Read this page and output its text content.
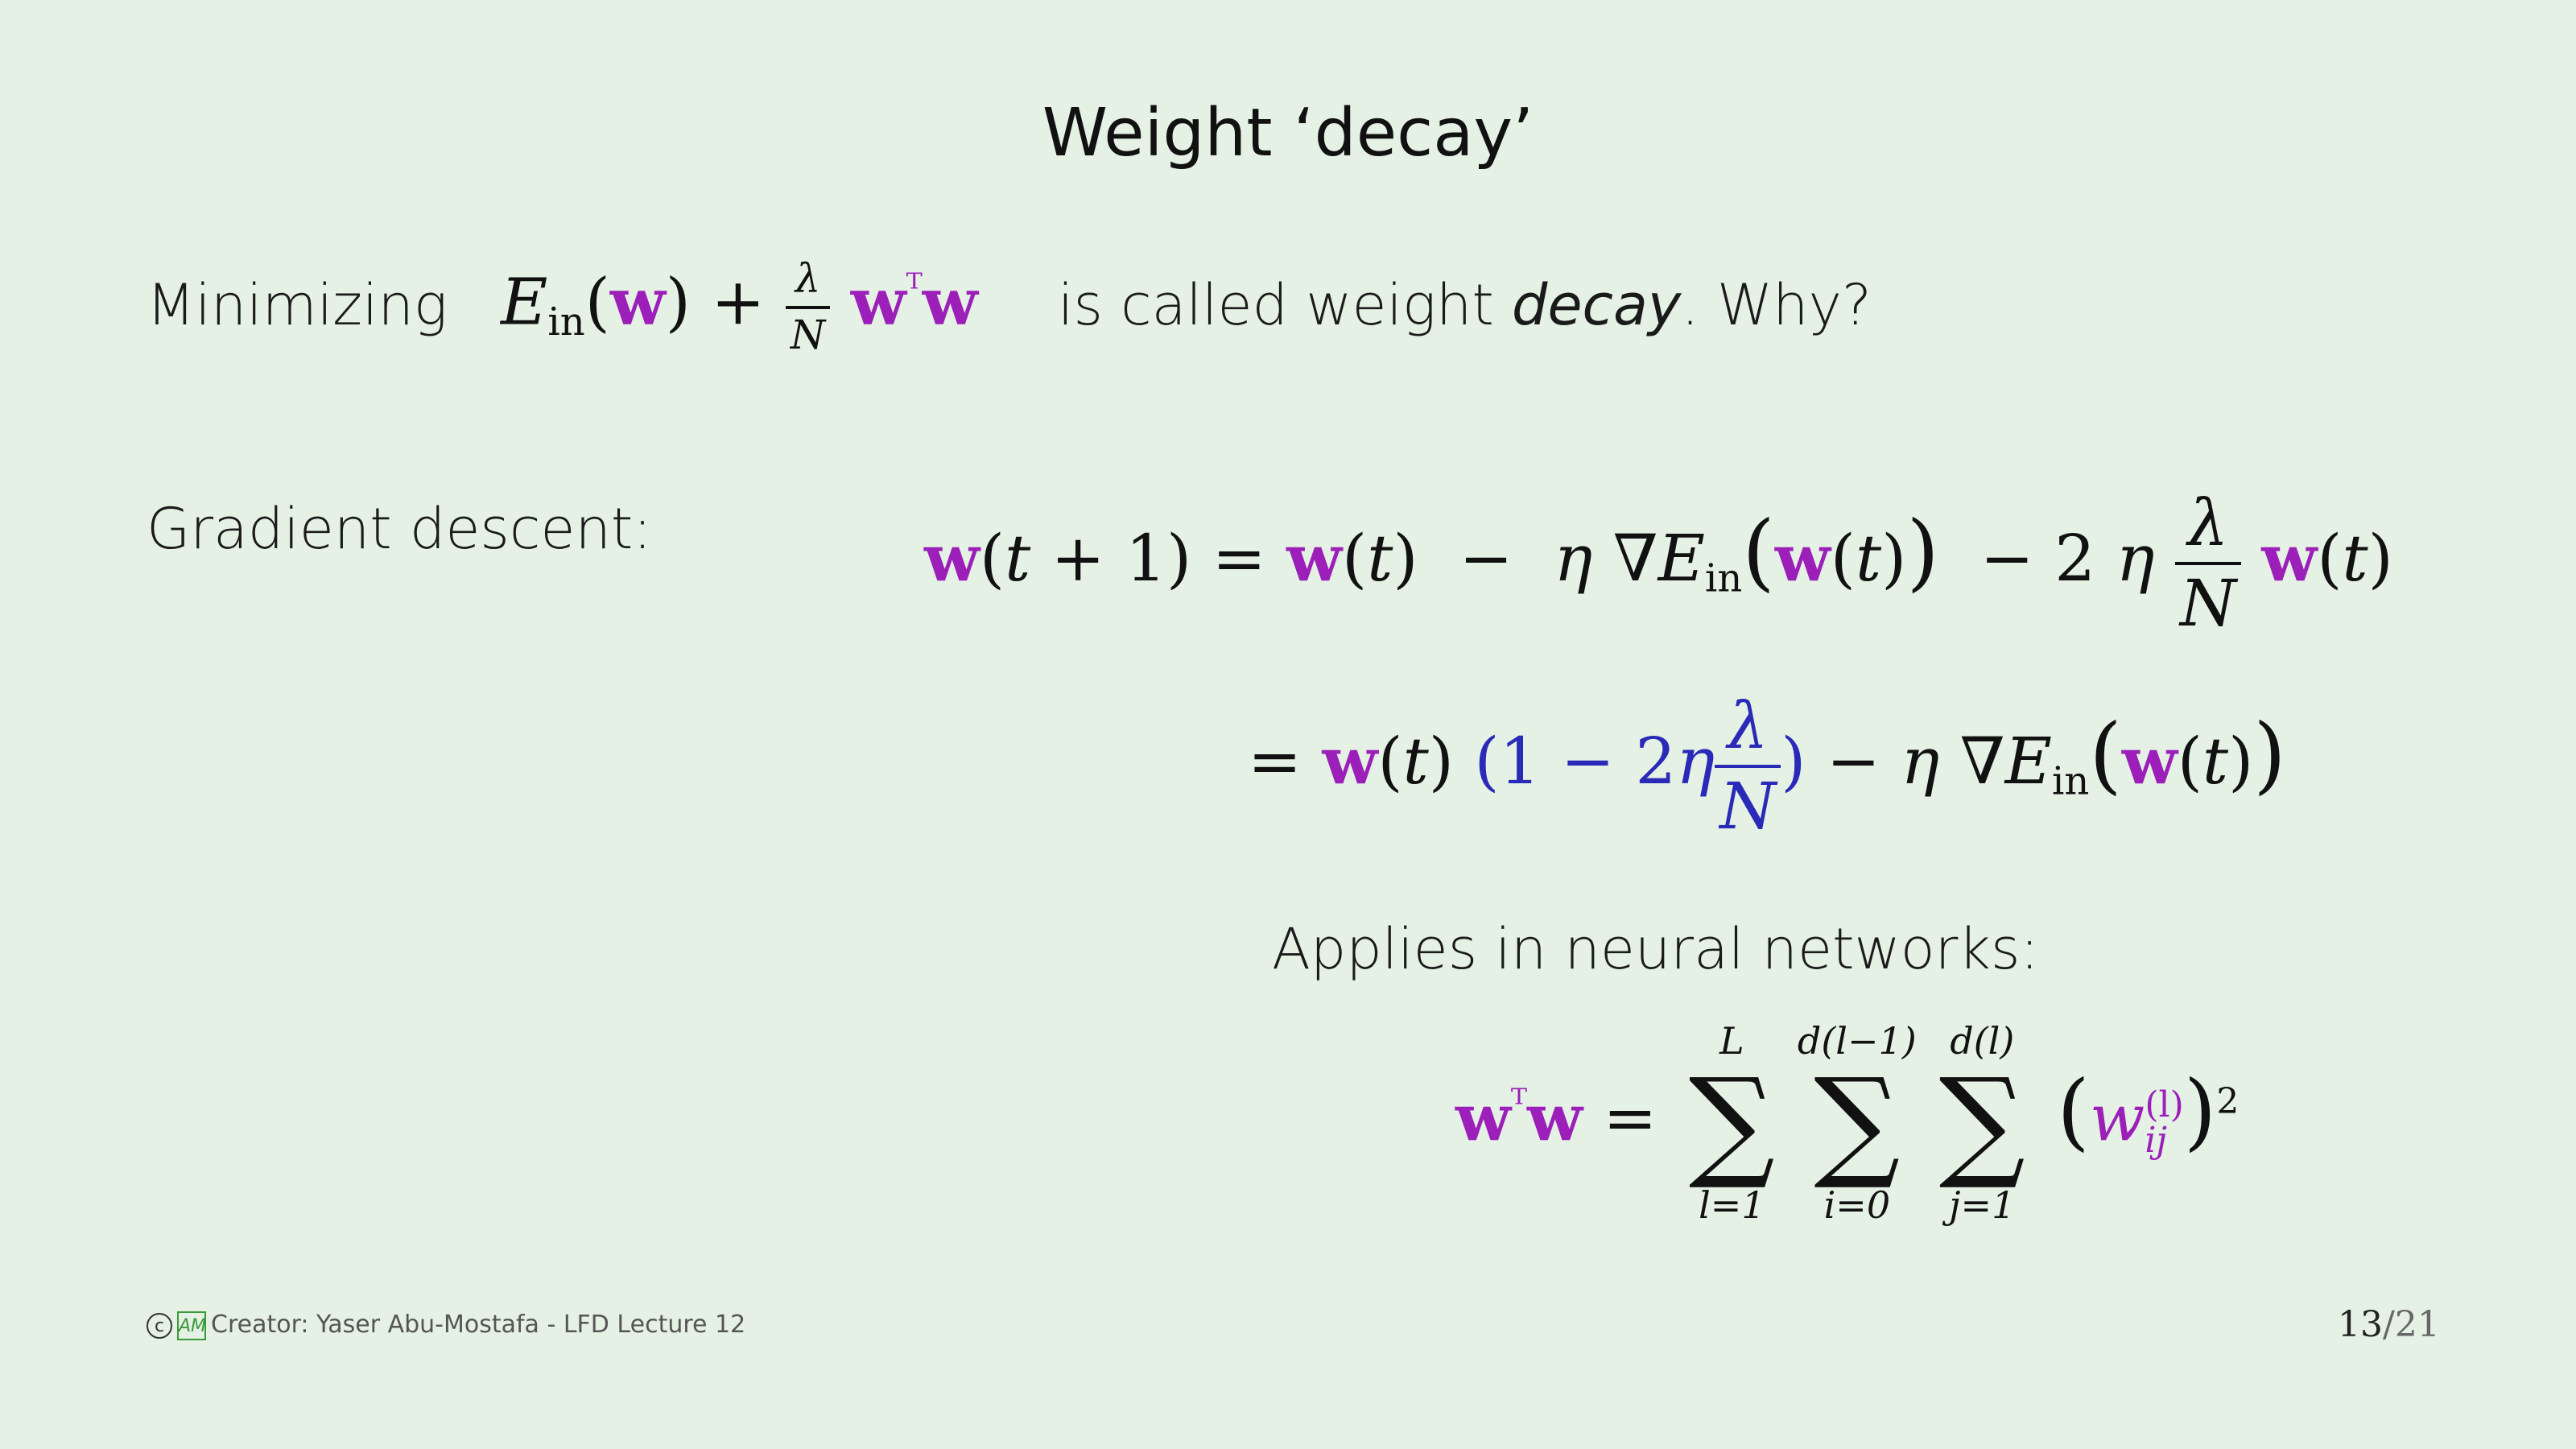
Weight ‘decay’
Minimizing $E_{in}(w) + \frac{\lambda}{N} w^ᵀw$ is called weight decay. Why?
Gradient descent:	w(t + 1) = w(t)  −  η $\nabla E_{in}(w(t)) - 2$ η $\frac{\lambda}{N} w(t)$
= w(t) ($1 - 2\eta \frac{\lambda}{N}$ ) − η $\nabla E_{in}(w(t))$
Applies in neural networks:
$w^ᵀw$ =
L
∑
l=1
d(l−1)
∑
i=0
d(l)
∑
j=1
(w (l)
ij )$^2$
c AM Creator: Yaser Abu-Mostafa - LFD Lecture 12	13/21
